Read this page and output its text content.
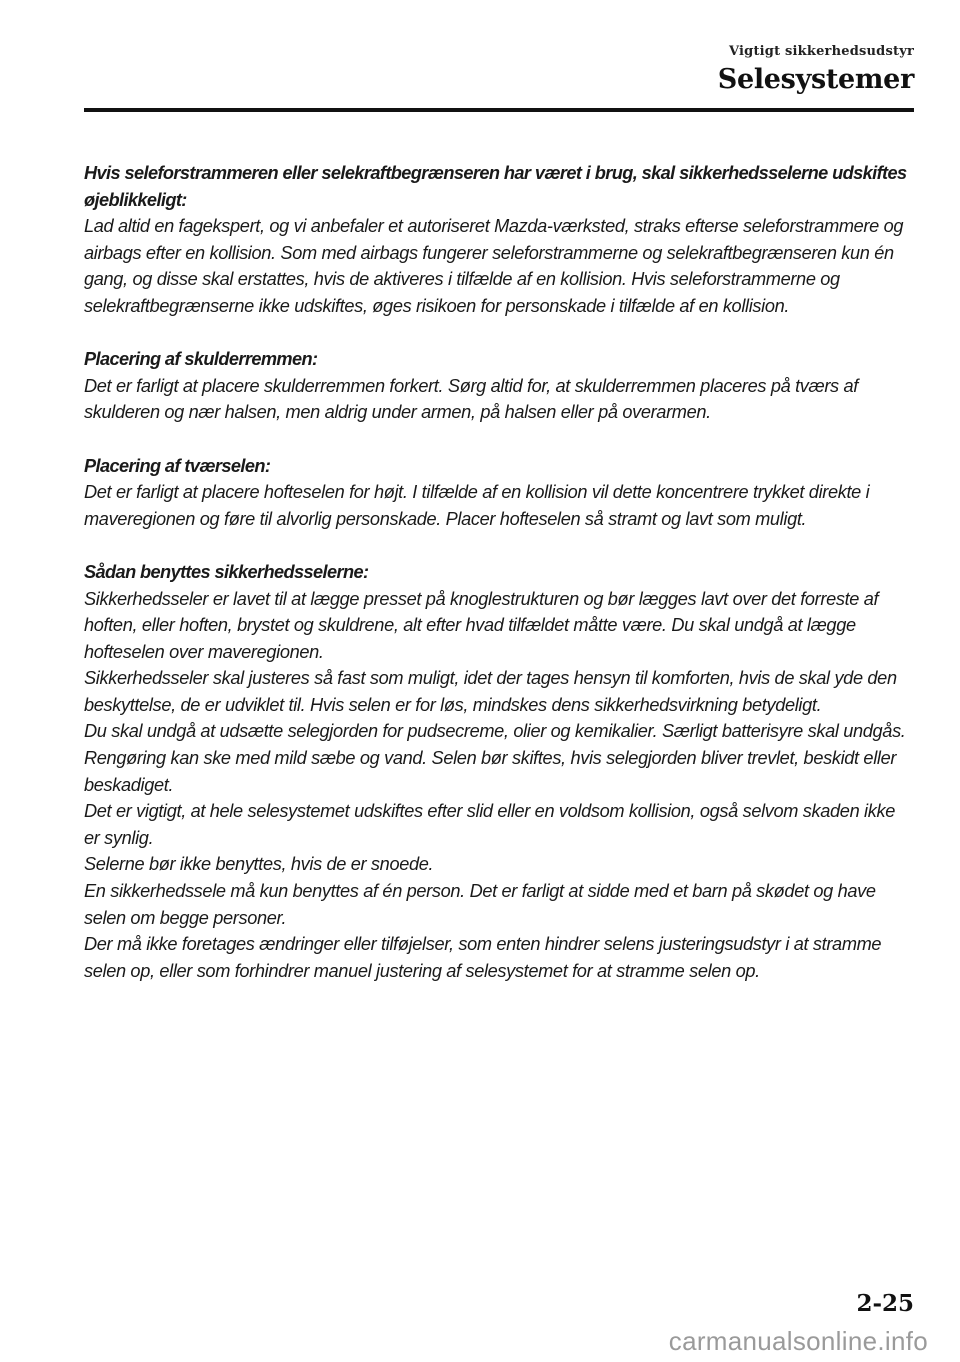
Vigtigt sikkerhedsudstyr
Selesystemer

Hvis seleforstrammeren eller selekraftbegrænseren har været i brug, skal sikkerhedsselerne udskiftes øjeblikkeligt:

Lad altid en fagekspert, og vi anbefaler et autoriseret Mazda-værksted, straks efterse seleforstrammere og airbags efter en kollision. Som med airbags fungerer seleforstrammerne og selekraftbegrænseren kun én gang, og disse skal erstattes, hvis de aktiveres i tilfælde af en kollision. Hvis seleforstrammerne og selekraftbegrænserne ikke udskiftes, øges risikoen for personskade i tilfælde af en kollision.

Placering af skulderremmen:

Det er farligt at placere skulderremmen forkert. Sørg altid for, at skulderremmen placeres på tværs af skulderen og nær halsen, men aldrig under armen, på halsen eller på overarmen.

Placering af tværselen:

Det er farligt at placere hofteselen for højt. I tilfælde af en kollision vil dette koncentrere trykket direkte i maveregionen og føre til alvorlig personskade. Placer hofteselen så stramt og lavt som muligt.

Sådan benyttes sikkerhedsselerne:

Sikkerhedsseler er lavet til at lægge presset på knoglestrukturen og bør lægges lavt over det forreste af hoften, eller hoften, brystet og skuldrene, alt efter hvad tilfældet måtte være. Du skal undgå at lægge hofteselen over maveregionen.

Sikkerhedsseler skal justeres så fast som muligt, idet der tages hensyn til komforten, hvis de skal yde den beskyttelse, de er udviklet til. Hvis selen er for løs, mindskes dens sikkerhedsvirkning betydeligt.

Du skal undgå at udsætte selegjorden for pudsecreme, olier og kemikalier. Særligt batterisyre skal undgås. Rengøring kan ske med mild sæbe og vand. Selen bør skiftes, hvis selegjorden bliver trevlet, beskidt eller beskadiget.

Det er vigtigt, at hele selesystemet udskiftes efter slid eller en voldsom kollision, også selvom skaden ikke er synlig.

Selerne bør ikke benyttes, hvis de er snoede.

En sikkerhedssele må kun benyttes af én person. Det er farligt at sidde med et barn på skødet og have selen om begge personer.

Der må ikke foretages ændringer eller tilføjelser, som enten hindrer selens justeringsudstyr i at stramme selen op, eller som forhindrer manuel justering af selesystemet for at stramme selen op.

2-25
carmanualsonline.info
